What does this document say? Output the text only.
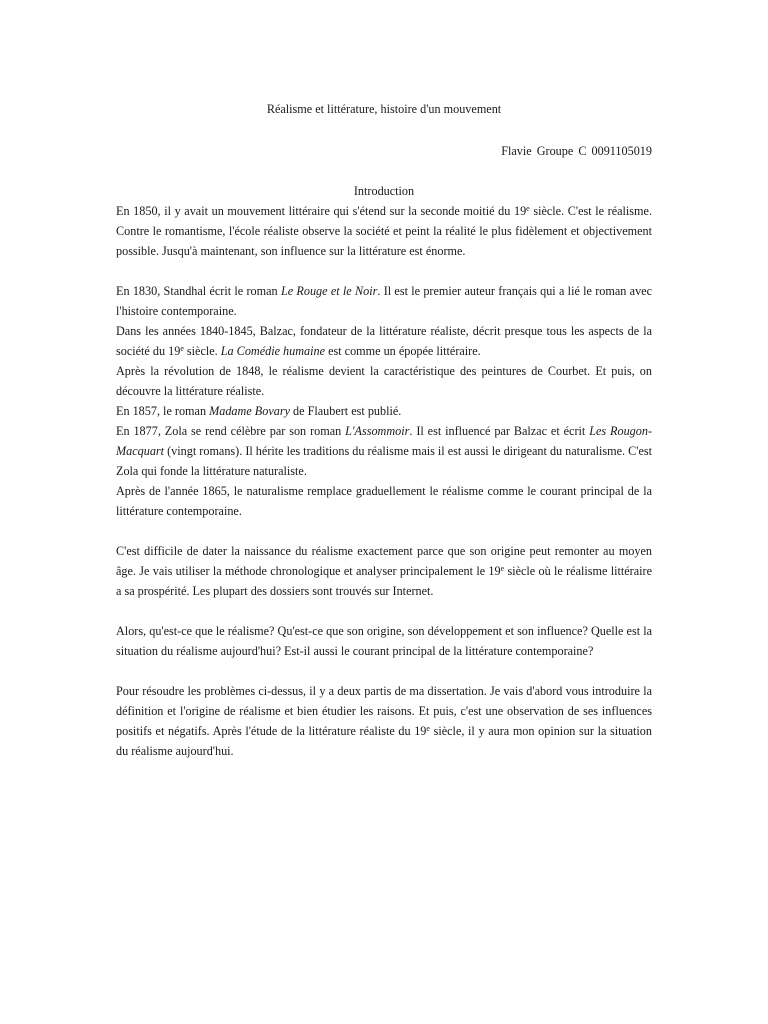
Réalisme et littérature, histoire d'un mouvement
Flavie Groupe C 0091105019
Introduction

En 1850, il y avait un mouvement littéraire qui s'étend sur la seconde moitié du 19e siècle. C'est le réalisme. Contre le romantisme, l'école réaliste observe la société et peint la réalité le plus fidèlement et objectivement possible. Jusqu'à maintenant, son influence sur la littérature est énorme.

En 1830, Standhal écrit le roman Le Rouge et le Noir. Il est le premier auteur français qui a lié le roman avec l'histoire contemporaine.

Dans les années 1840-1845, Balzac, fondateur de la littérature réaliste, décrit presque tous les aspects de la société du 19e siècle. La Comédie humaine est comme un épopée littéraire.

Après la révolution de 1848, le réalisme devient la caractéristique des peintures de Courbet. Et puis, on découvre la littérature réaliste.

En 1857, le roman Madame Bovary de Flaubert est publié.

En 1877, Zola se rend célèbre par son roman L'Assommoir. Il est influencé par Balzac et écrit Les Rougon-Macquart (vingt romans). Il hérite les traditions du réalisme mais il est aussi le dirigeant du naturalisme. C'est Zola qui fonde la littérature naturaliste.

Après de l'année 1865, le naturalisme remplace graduellement le réalisme comme le courant principal de la littérature contemporaine.

C'est difficile de dater la naissance du réalisme exactement parce que son origine peut remonter au moyen âge. Je vais utiliser la méthode chronologique et analyser principalement le 19e siècle où le réalisme littéraire a sa prospérité. Les plupart des dossiers sont trouvés sur Internet.

Alors, qu'est-ce que le réalisme? Qu'est-ce que son origine, son développement et son influence? Quelle est la situation du réalisme aujourd'hui? Est-il aussi le courant principal de la littérature contemporaine?

Pour résoudre les problèmes ci-dessus, il y a deux partis de ma dissertation. Je vais d'abord vous introduire la définition et l'origine de réalisme et bien étudier les raisons. Et puis, c'est une observation de ses influences positifs et négatifs. Après l'étude de la littérature réaliste du 19e siècle, il y aura mon opinion sur la situation du réalisme aujourd'hui.
